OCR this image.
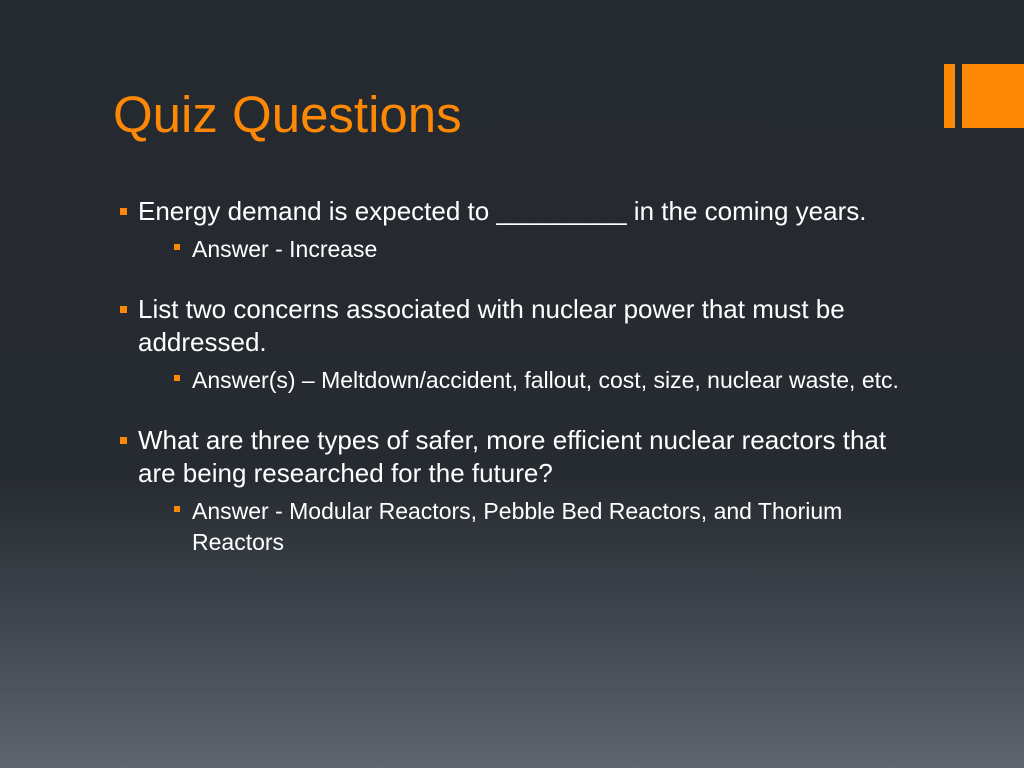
Quiz Questions
Energy demand is expected to _________ in the coming years.
Answer - Increase
List two concerns associated with nuclear power that must be addressed.
Answer(s) – Meltdown/accident, fallout, cost, size, nuclear waste, etc.
What are three types of safer, more efficient nuclear reactors that are being researched for the future?
Answer - Modular Reactors, Pebble Bed Reactors, and Thorium Reactors
